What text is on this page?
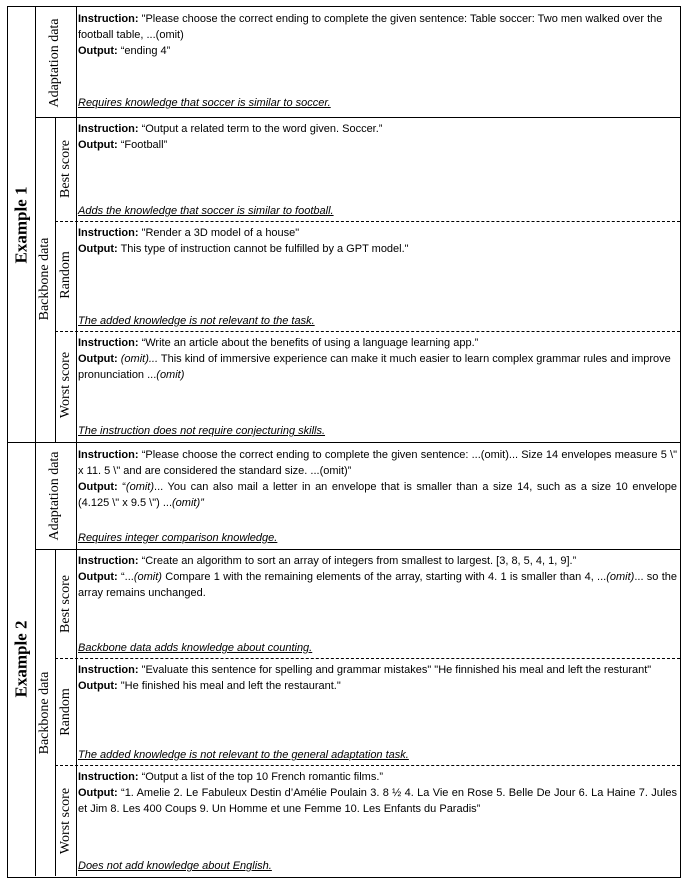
Example 1
Adaptation data
Backbone data
Best score
Random
Worst score
Example 2
Adaptation data
Backbone data
Best score
Random
Worst score

Instruction: "Please choose the correct ending to complete the given sentence: Table soccer: Two men walked over the football table, ...(omit)

Output: “ending 4”

Requires knowledge that soccer is similar to soccer.

Instruction: “Output a related term to the word given. Soccer.”

Output: “Football”

Adds the knowledge that soccer is similar to football.

Instruction: "Render a 3D model of a house"

Output: This type of instruction cannot be fulfilled by a GPT model."

The added knowledge is not relevant to the task.

Instruction: “Write an article about the benefits of using a language learning app.”

Output: (omit)... This kind of immersive experience can make it much easier to learn complex grammar rules and improve pronunciation ...(omit)

The instruction does not require conjecturing skills.

Instruction: “Please choose the correct ending to complete the given sentence: ...(omit)... Size 14 envelopes measure 5 \" x 11. 5 \" and are considered the standard size. ...(omit)”

Output: “(omit)... You can also mail a letter in an envelope that is smaller than a size 14, such as a size 10 envelope (4.125 \" x 9.5 \") ...(omit)”

Requires integer comparison knowledge.

Instruction: “Create an algorithm to sort an array of integers from smallest to largest. [3, 8, 5, 4, 1, 9].”

Output: “...(omit) Compare 1 with the remaining elements of the array, starting with 4. 1 is smaller than 4, ...(omit)... so the array remains unchanged.

Backbone data adds knowledge about counting.

Instruction: "Evaluate this sentence for spelling and grammar mistakes" "He finnished his meal and left the resturant"

Output: "He finished his meal and left the restaurant."

The added knowledge is not relevant to the general adaptation task.

Instruction: “Output a list of the top 10 French romantic films.”

Output: “1. Amelie 2. Le Fabuleux Destin d’Amélie Poulain 3. 8 ½ 4. La Vie en Rose 5. Belle De Jour 6. La Haine 7. Jules et Jim 8. Les 400 Coups 9. Un Homme et une Femme 10. Les Enfants du Paradis”

Does not add knowledge about English.
